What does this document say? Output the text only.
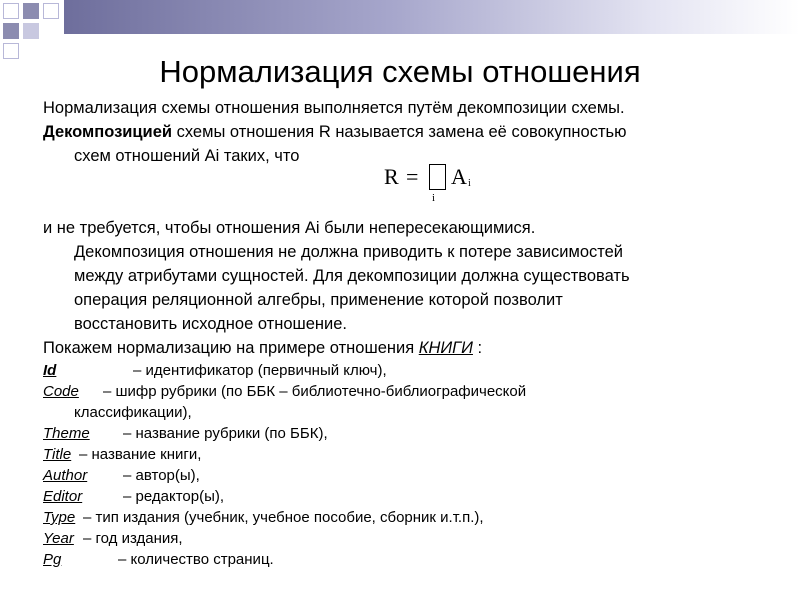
Нормализация схемы отношения
R =
i
A i
Нормализация схемы отношения выполняется путём декомпозиции схемы.
Декомпозицией схемы отношения R называется замена её совокупностью
схем отношений Ai таких, что
и не требуется, чтобы отношения Ai были непересекающимися.
Декомпозиция отношения не должна приводить к потере зависимостей
между атрибутами сущностей. Для декомпозиции должна существовать
операция реляционной алгебры, применение которой позволит
восстановить исходное отношение.
Покажем нормализацию на примере отношения КНИГИ :
Id	– идентификатор (первичный ключ),
Code – шифр рубрики (по ББК – библиотечно-библиографической
классификации),
Theme – название рубрики (по ББК),
Title – название книги,
Author – автор(ы),
Editor	– редактор(ы),
Type – тип издания (учебник, учебное пособие, сборник и.т.п.),
Year – год издания,
Pg	– количество страниц.
